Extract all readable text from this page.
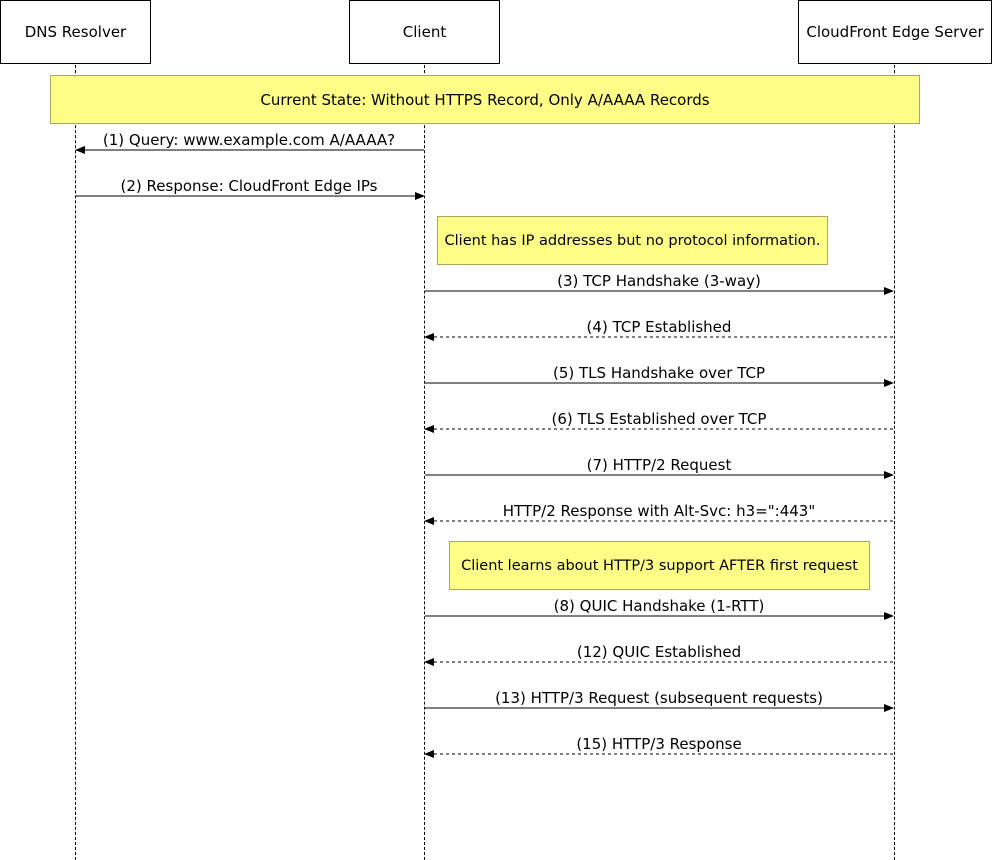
DNS Resolver	Client	CloudFront Edge Server
Current State: Without HTTPS Record, Only A/AAAA Records
Client has IP addresses but no protocol information.
Client learns about HTTP/3 support AFTER first request
(1) Query: www.example.com A/AAAA?
(2) Response: CloudFront Edge IPs
(3) TCP Handshake (3-way)
(4) TCP Established
(5) TLS Handshake over TCP
(6) TLS Established over TCP
(7) HTTP/2 Request
HTTP/2 Response with Alt-Svc: h3=":443"
(8) QUIC Handshake (1-RTT)
(12) QUIC Established
(13) HTTP/3 Request (subsequent requests)
(15) HTTP/3 Response
